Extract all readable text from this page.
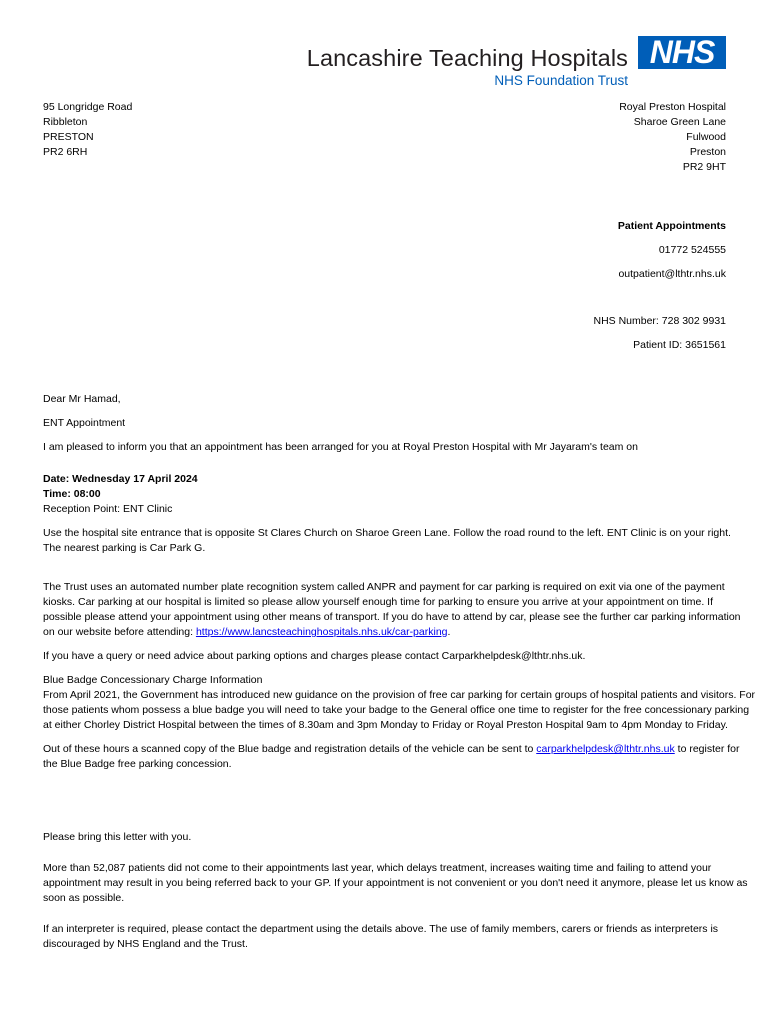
Lancashire Teaching Hospitals
NHS Foundation Trust
NHS
95 Longridge Road
Ribbleton
PRESTON
PR2 6RH
Royal Preston Hospital
Sharoe Green Lane
Fulwood
Preston
PR2 9HT
Patient Appointments
01772 524555
outpatient@lthtr.nhs.uk
NHS Number: 728 302 9931
Patient ID: 3651561
Dear Mr Hamad,
ENT Appointment
I am pleased to inform you that an appointment has been arranged for you at Royal Preston Hospital with Mr Jayaram's team on
Date: Wednesday 17 April 2024
Time: 08:00
Reception Point: ENT Clinic
Use the hospital site entrance that is opposite St Clares Church on Sharoe Green Lane. Follow the road round to the left. ENT Clinic is on your right.
The nearest parking is Car Park G.
The Trust uses an automated number plate recognition system called ANPR and payment for car parking is required on exit via one of the payment
kiosks. Car parking at our hospital is limited so please allow yourself enough time for parking to ensure you arrive at your appointment on time. If
possible please attend your appointment using other means of transport. If you do have to attend by car, please see the further car parking information
on our website before attending: https://www.lancsteachinghospitals.nhs.uk/car-parking.
If you have a query or need advice about parking options and charges please contact Carparkhelpdesk@lthtr.nhs.uk.
Blue Badge Concessionary Charge Information
From April 2021, the Government has introduced new guidance on the provision of free car parking for certain groups of hospital patients and visitors. For
those patients whom possess a blue badge you will need to take your badge to the General office one time to register for the free concessionary parking
at either Chorley District Hospital between the times of 8.30am and 3pm Monday to Friday or Royal Preston Hospital 9am to 4pm Monday to Friday.
Out of these hours a scanned copy of the Blue badge and registration details of the vehicle can be sent to carparkhelpdesk@lthtr.nhs.uk to register for
the Blue Badge free parking concession.
Please bring this letter with you.
More than 52,087 patients did not come to their appointments last year, which delays treatment, increases waiting time and failing to attend your
appointment may result in you being referred back to your GP. If your appointment is not convenient or you don't need it anymore, please let us know as
soon as possible.
If an interpreter is required, please contact the department using the details above. The use of family members, carers or friends as interpreters is
discouraged by NHS England and the Trust.
